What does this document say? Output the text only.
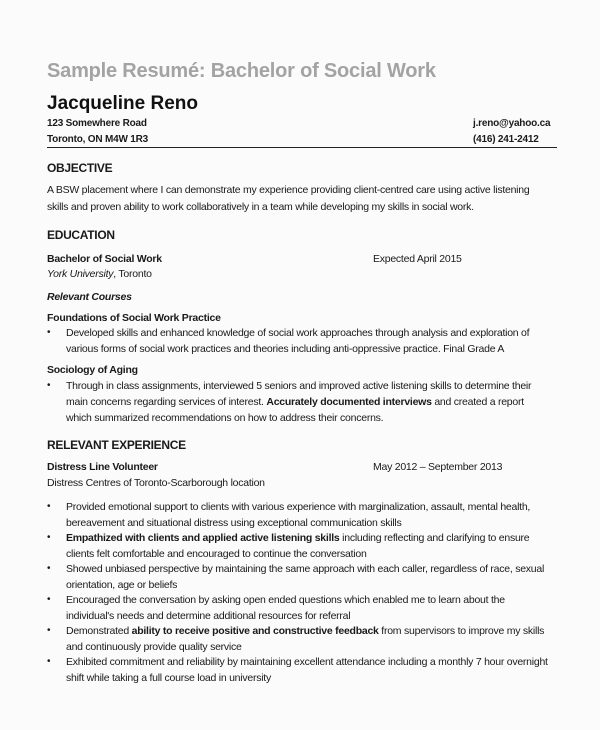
Sample Resumé: Bachelor of Social Work
Jacqueline Reno
123 Somewhere Road
Toronto, ON M4W 1R3
j.reno@yahoo.ca
(416) 241-2412
OBJECTIVE
A BSW placement where I can demonstrate my experience providing client-centred care using active listening
skills and proven ability to work collaboratively in a team while developing my skills in social work.
EDUCATION
Bachelor of Social Work	Expected April 2015
York University, Toronto
Relevant Courses
Foundations of Social Work Practice
• Developed skills and enhanced knowledge of social work approaches through analysis and exploration of
various forms of social work practices and theories including anti-oppressive practice. Final Grade A
Sociology of Aging
• Through in class assignments, interviewed 5 seniors and improved active listening skills to determine their
main concerns regarding services of interest. Accurately documented interviews and created a report
which summarized recommendations on how to address their concerns.
RELEVANT EXPERIENCE
Distress Line Volunteer	May 2012 – September 2013
Distress Centres of Toronto-Scarborough location
• Provided emotional support to clients with various experience with marginalization, assault, mental health,
bereavement and situational distress using exceptional communication skills
• Empathized with clients and applied active listening skills including reflecting and clarifying to ensure
clients felt comfortable and encouraged to continue the conversation
• Showed unbiased perspective by maintaining the same approach with each caller, regardless of race, sexual
orientation, age or beliefs
• Encouraged the conversation by asking open ended questions which enabled me to learn about the
individual's needs and determine additional resources for referral
• Demonstrated ability to receive positive and constructive feedback from supervisors to improve my skills
and continuously provide quality service
• Exhibited commitment and reliability by maintaining excellent attendance including a monthly 7 hour overnight
shift while taking a full course load in university
